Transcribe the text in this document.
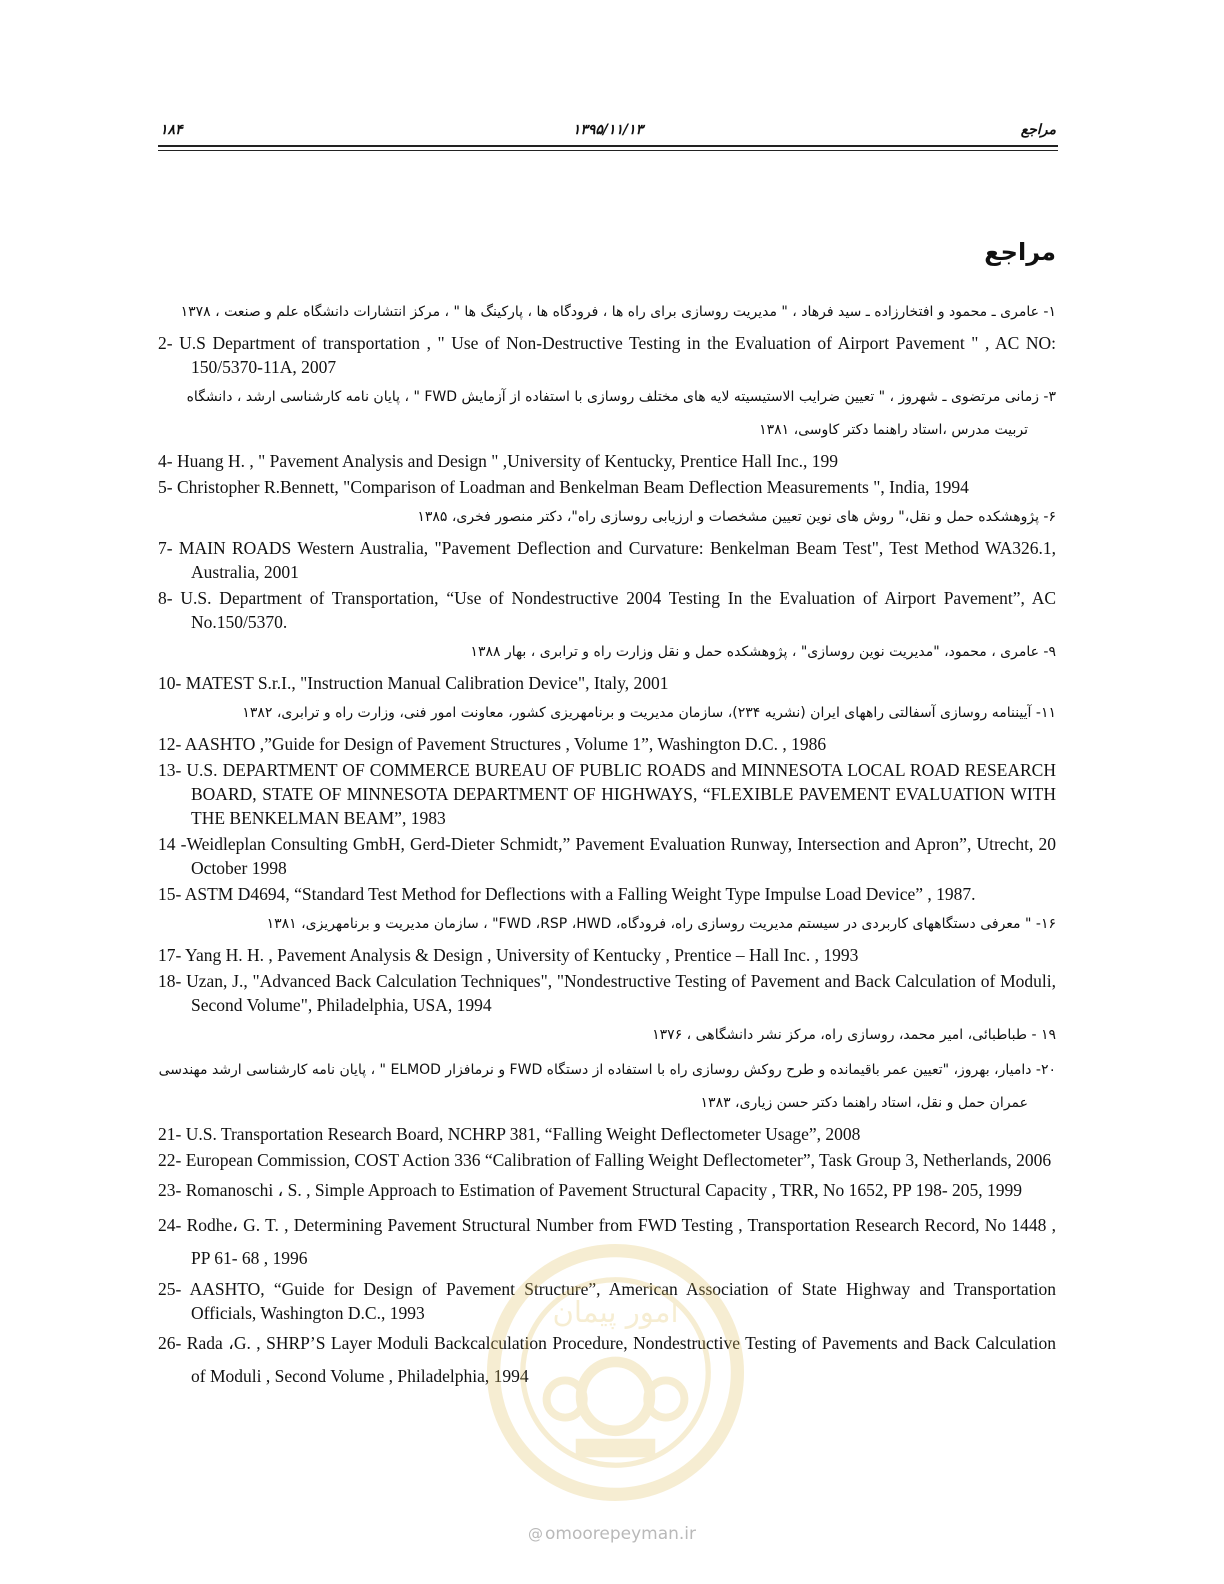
۱۸۴	۱۳۹۵/۱۱/۱۳	مراجع
مراجع
۱- عامری ـ محمود و افتخارزاده ـ سید فرهاد ، " مدیریت روسازی برای راه ها ، فرودگاه ها ، پارکینگ ها " ، مرکز انتشارات دانشگاه علم و صنعت ، ۱۳۷۸
2- U.S Department of transportation , " Use of Non-Destructive Testing in the Evaluation of Airport Pavement " , AC NO: 150/5370-11A, 2007
۳- زمانی مرتضوی ـ شهروز ، " تعیین ضرایب الاستیسیته لایه های مختلف روسازی با استفاده از آزمایش FWD " ، پایان نامه کارشناسی ارشد ، دانشگاه تربیت مدرس ،استاد راهنما دکتر کاوسی، ۱۳۸۱
4- Huang H. , " Pavement Analysis and Design " ,University of Kentucky, Prentice Hall Inc., 199
5- Christopher R.Bennett, "Comparison of Loadman and Benkelman Beam Deflection Measurements ", India, 1994
۶- پژوهشکده حمل و نقل،" روش های نوین تعیین مشخصات و ارزیابی روسازی راه"، دکتر منصور فخری، ۱۳۸۵
7- MAIN ROADS Western Australia, "Pavement Deflection and Curvature: Benkelman Beam Test", Test Method WA326.1, Australia, 2001
8- U.S. Department of Transportation, “Use of Nondestructive 2004 Testing In the Evaluation of Airport Pavement”, AC No.150/5370.
۹- عامری ، محمود، "مدیریت نوین روسازی" ، پژوهشکده حمل و نقل وزارت راه و ترابری ، بهار ۱۳۸۸
10- MATEST S.r.I., "Instruction Manual Calibration Device", Italy, 2001
۱۱- آییننامه روسازی آسفالتی راههای ایران (نشریه ۲۳۴)، سازمان مدیریت و برنامهریزی کشور، معاونت امور فنی، وزارت راه و ترابری، ۱۳۸۲
12- AASHTO ,”Guide for Design of Pavement Structures , Volume 1”, Washington D.C. , 1986
13- U.S. DEPARTMENT OF COMMERCE BUREAU OF PUBLIC ROADS and MINNESOTA LOCAL ROAD RESEARCH BOARD, STATE OF MINNESOTA DEPARTMENT OF HIGHWAYS, “FLEXIBLE PAVEMENT EVALUATION WITH THE BENKELMAN BEAM”, 1983
14 -Weidleplan Consulting GmbH, Gerd-Dieter Schmidt,” Pavement Evaluation Runway, Intersection and Apron”, Utrecht, 20 October 1998
15- ASTM D4694, “Standard Test Method for Deflections with a Falling Weight Type Impulse Load Device” , 1987.
۱۶- " معرفی دستگاههای کاربردی در سیستم مدیریت روسازی راه، فرودگاه، FWD ،RSP ،HWD" ، سازمان مدیریت و برنامهریزی، ۱۳۸۱
17- Yang H. H. , Pavement Analysis & Design , University of Kentucky , Prentice – Hall Inc. , 1993
18- Uzan, J., "Advanced Back Calculation Techniques", "Nondestructive Testing of Pavement and Back Calculation of Moduli, Second Volume", Philadelphia, USA, 1994
۱۹ - طباطبائی، امیر محمد، روسازی راه، مرکز نشر دانشگاهی ، ۱۳۷۶
۲۰- دامیار، بهروز، "تعیین عمر باقیمانده و طرح روکش روسازی راه با استفاده از دستگاه FWD و نرمافزار ELMOD " ، پایان نامه کارشناسی ارشد مهندسی عمران حمل و نقل، استاد راهنما دکتر حسن زیاری، ۱۳۸۳
21- U.S. Transportation Research Board, NCHRP 381, “Falling Weight Deflectometer Usage”, 2008
22- European Commission, COST Action 336 “Calibration of Falling Weight Deflectometer”, Task Group 3, Netherlands, 2006
23- Romanoschi ، S. , Simple Approach to Estimation of Pavement Structural Capacity , TRR, No 1652, PP 198- 205, 1999
24- Rodhe، G. T. , Determining Pavement Structural Number from FWD Testing , Transportation Research Record, No 1448 , PP 61- 68 , 1996
25- AASHTO, “Guide for Design of Pavement Structure”, American Association of State Highway and Transportation Officials, Washington D.C., 1993
26- Rada ،G. , SHRP’S Layer Moduli Backcalculation Procedure, Nondestructive Testing of Pavements and Back Calculation of Moduli , Second Volume , Philadelphia, 1994
امور پیمان
@ omoorepeyman.ir
